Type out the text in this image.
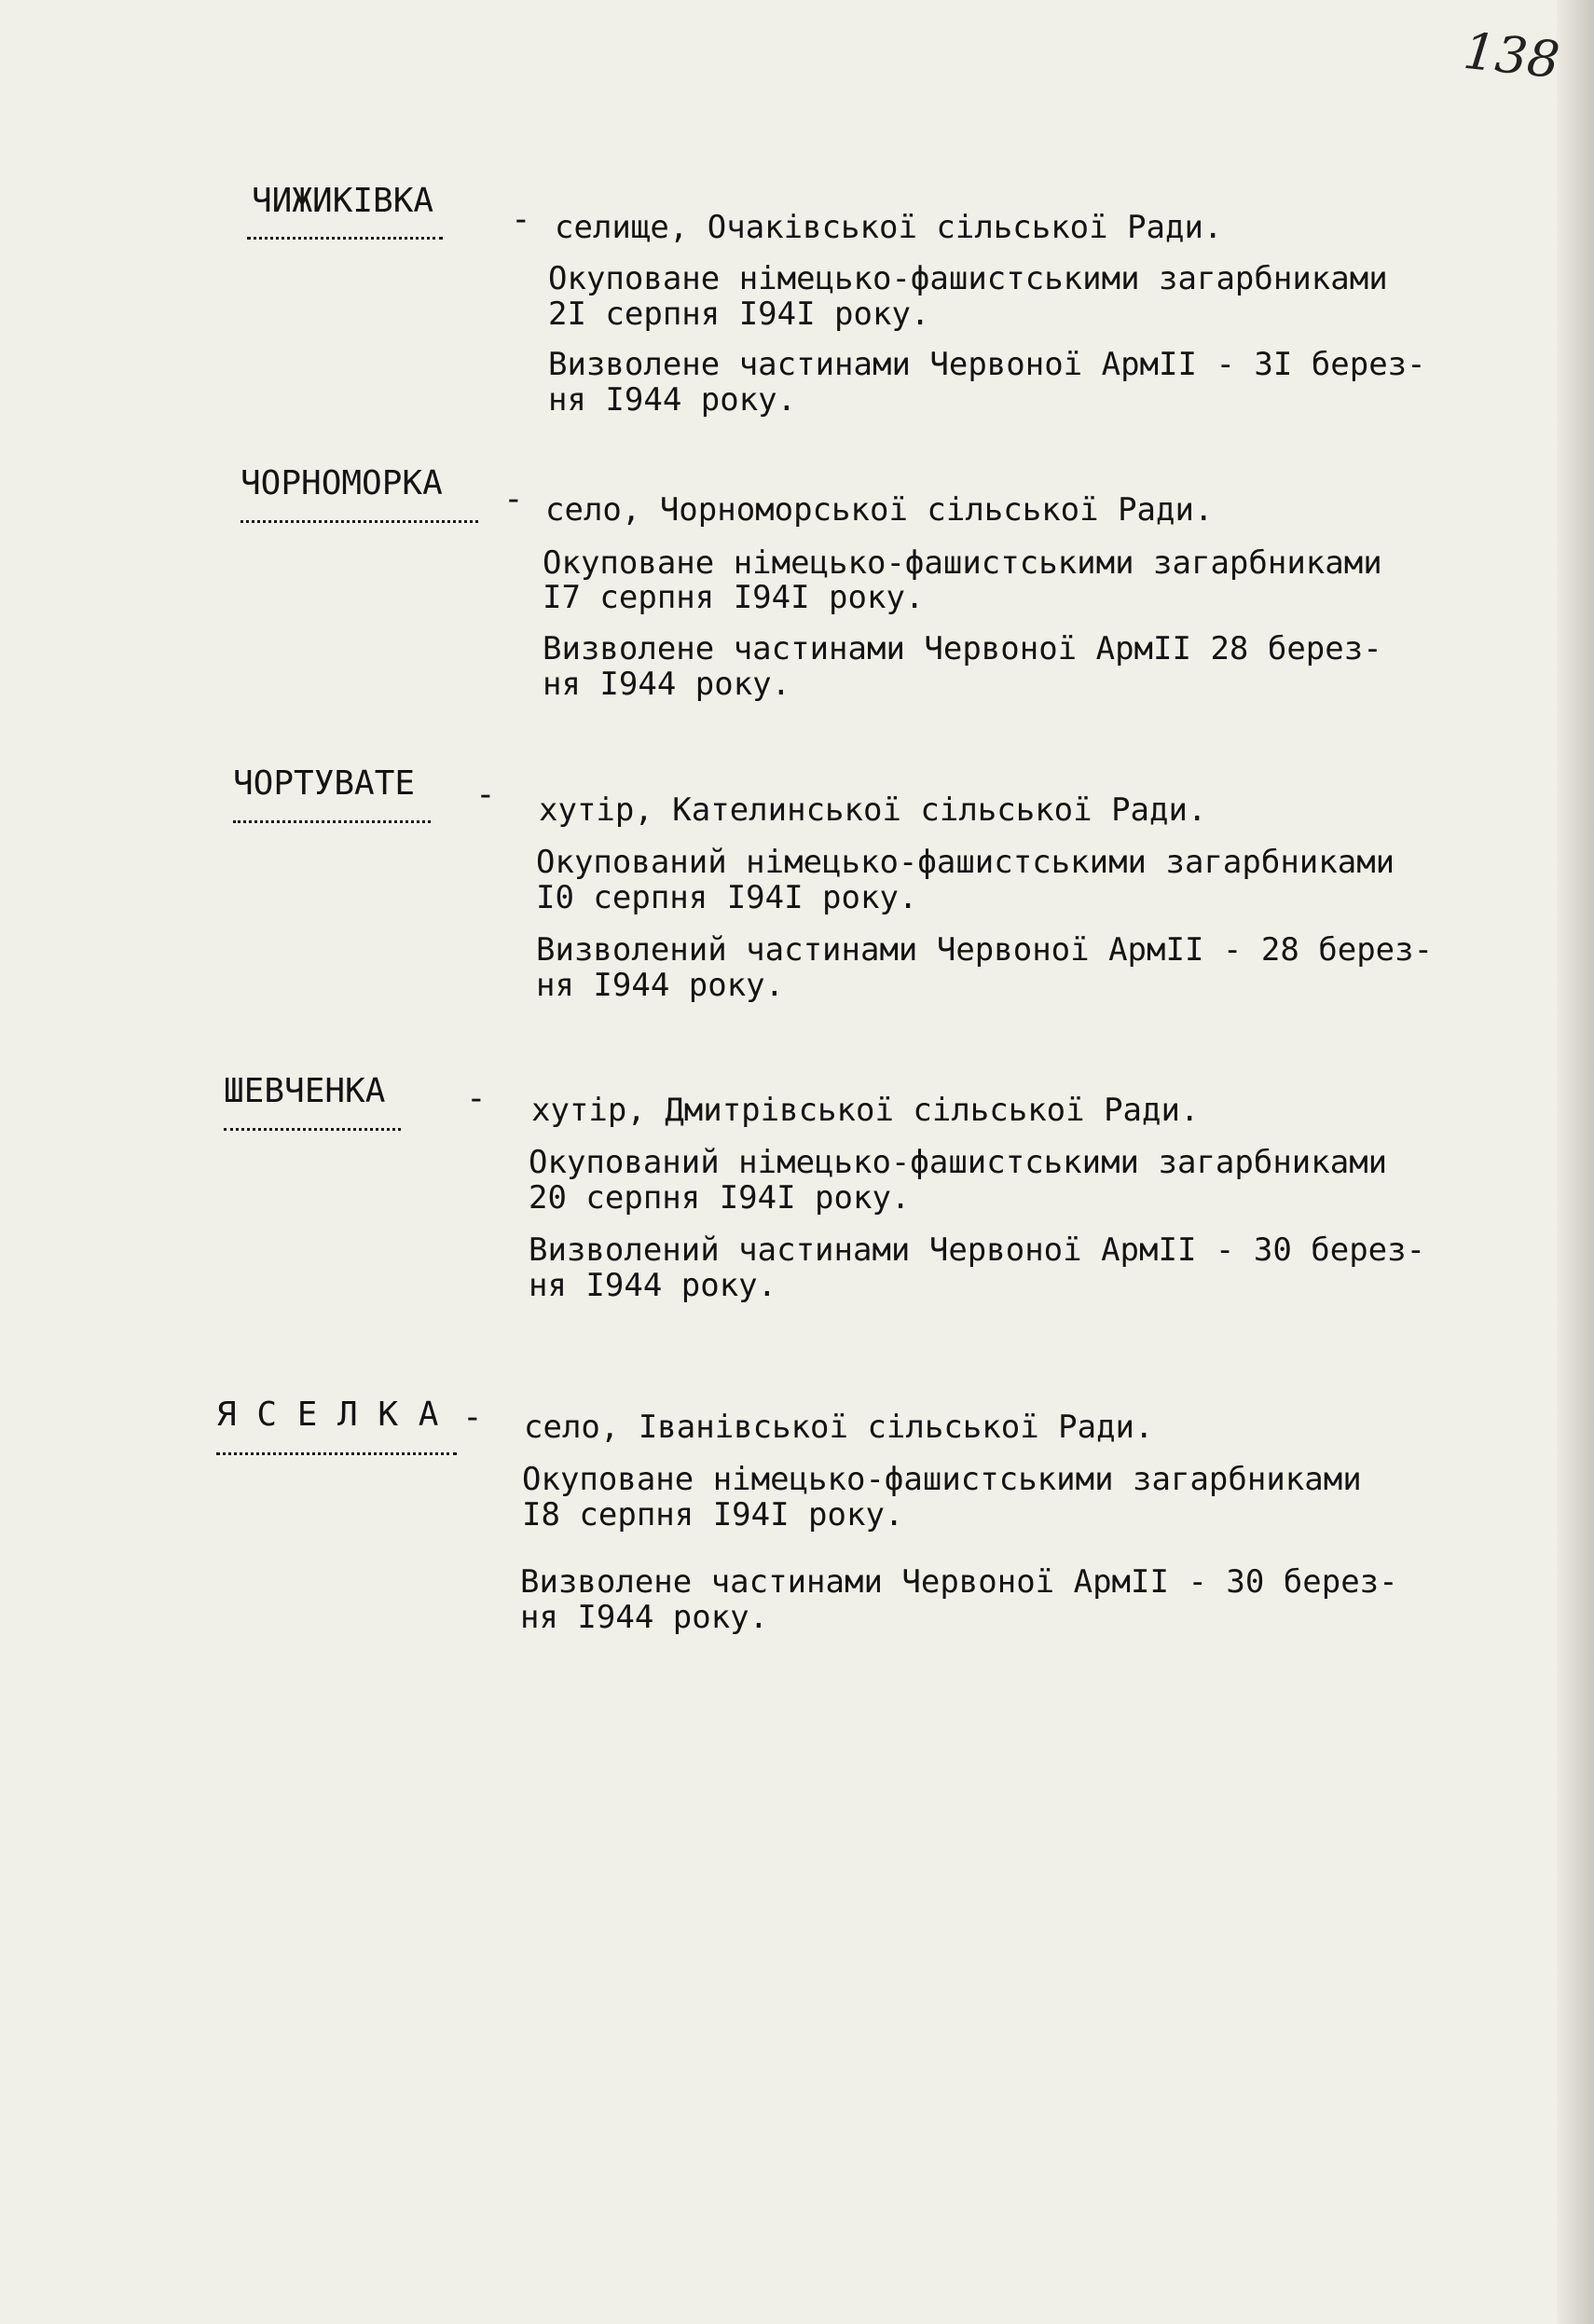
138
ЧИЖИКІВКА - селище, Очаківської сільської Ради.
Окуповане німецько-фашистськими загарбниками
2I серпня I94I року.
Визволене частинами Червоної АрмII - 3I берез-
ня I944 року.
ЧОРНОМОРКА - село, Чорноморської сільської Ради.
Окуповане німецько-фашистськими загарбниками
I7 серпня I94I року.
Визволене частинами Червоної АрмII 28 берез-
ня I944 року.
ЧОРТУВАТЕ - хутір, Кателинської сільської Ради.
Окупований німецько-фашистськими загарбниками
I0 серпня I94I року.
Визволений частинами Червоної АрмII - 28 берез-
ня I944 року.
ШЕВЧЕНКА - хутір, Дмитрівської сільської Ради.
Окупований німецько-фашистськими загарбниками
20 серпня I94I року.
Визволений частинами Червоної АрмII - 30 берез-
ня I944 року.
Я С Е Л К А - село, Іванівської сільської Ради.
Окуповане німецько-фашистськими загарбниками
I8 серпня I94I року.
Визволене частинами Червоної АрмII - 30 берез-
ня I944 року.
